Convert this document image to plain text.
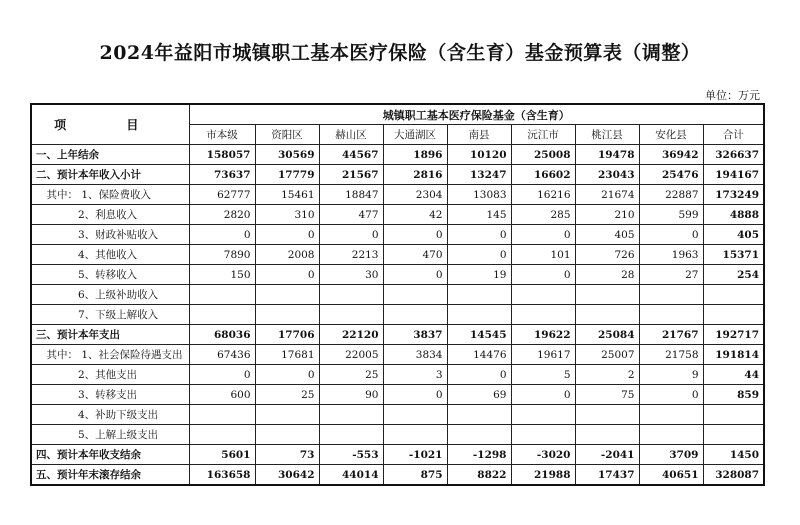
2024年益阳市城镇职工基本医疗保险（含生育）基金预算表（调整）
单位：万元
项 目	城镇职工基本医疗保险基金（含生育）								
	市本级	资阳区	赫山区	大通湖区	南县	沅江市	桃江县	安化县	合计
一、上年结余	158057	30569	44567	1896	10120	25008	19478	36942	326637
二、预计本年收入小计	73637	17779	21567	2816	13247	16602	23043	25476	194167
　其中： 1、保险费收入	62777	15461	18847	2304	13083	16216	21674	22887	173249
　　　　2、利息收入	2820	310	477	42	145	285	210	599	4888
　　　　3、财政补贴收入	0	0	0	0	0	0	405	0	405
　　　　4、其他收入	7890	2008	2213	470	0	101	726	1963	15371
　　　　5、转移收入	150	0	30	0	19	0	28	27	254
　　　　6、上级补助收入									
　　　　7、下级上解收入									
三、预计本年支出	68036	17706	22120	3837	14545	19622	25084	21767	192717
　其中： 1、社会保险待遇支出	67436	17681	22005	3834	14476	19617	25007	21758	191814
　　　　2、其他支出	0	0	25	3	0	5	2	9	44
　　　　3、转移支出	600	25	90	0	69	0	75	0	859
　　　　4、补助下级支出									
　　　　5、上解上级支出									
四、预计本年收支结余	5601	73	-553	-1021	-1298	-3020	-2041	3709	1450
五、预计年末滚存结余	163658	30642	44014	875	8822	21988	17437	40651	328087
